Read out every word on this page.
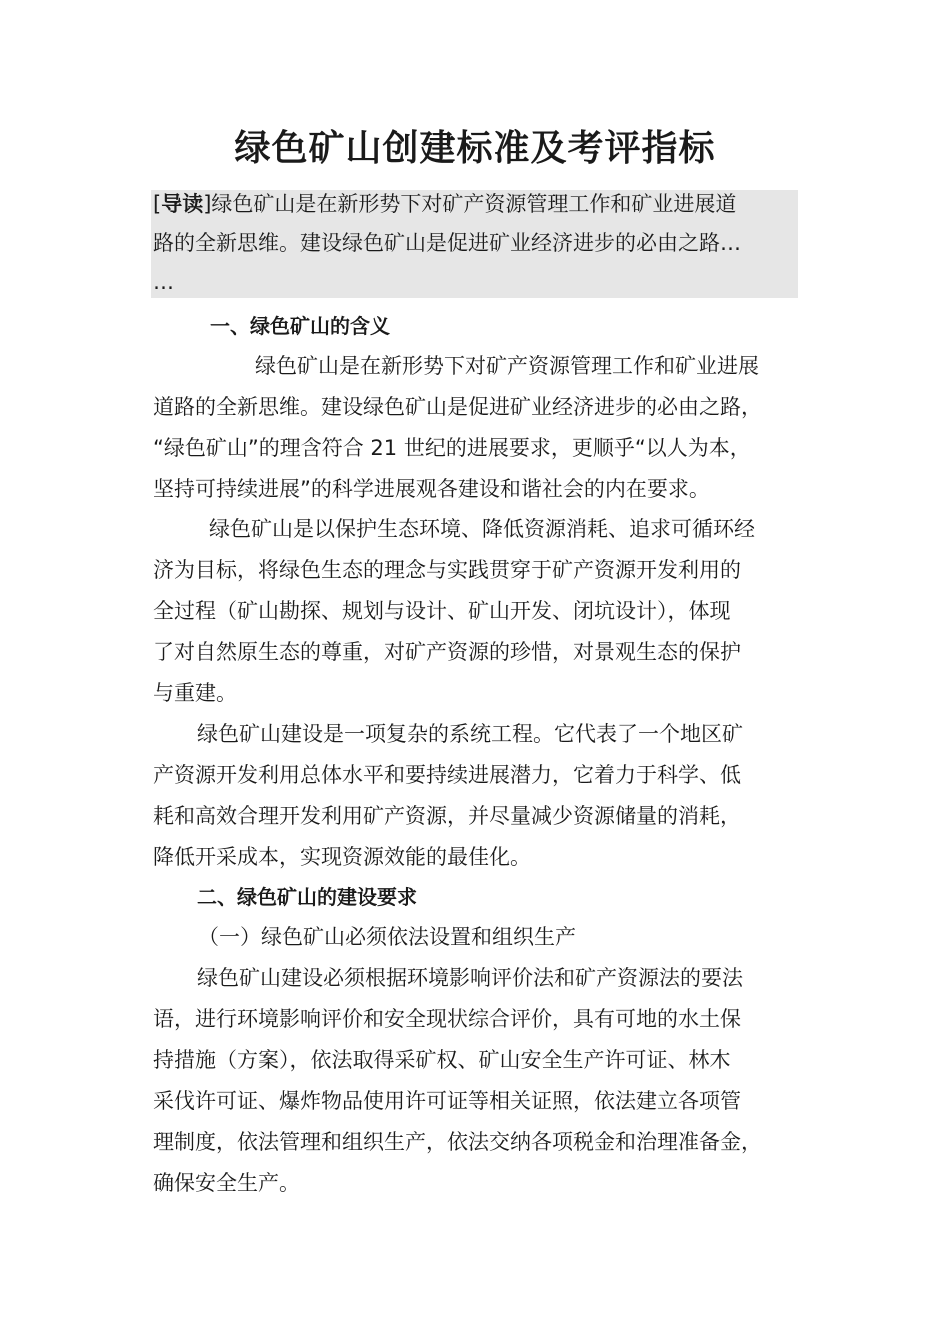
绿色矿山创建标准及考评指标
[导读]绿色矿山是在新形势下对矿产资源管理工作和矿业进展道
路的全新思维。建设绿色矿山是促进矿业经济进步的必由之路…
…
一、绿色矿山的含义
绿色矿山是在新形势下对矿产资源管理工作和矿业进展
道路的全新思维。建设绿色矿山是促进矿业经济进步的必由之路，
“绿色矿山”的理含符合 21 世纪的进展要求，更顺乎“以人为本，
坚持可持续进展”的科学进展观各建设和谐社会的内在要求。
绿色矿山是以保护生态环境、降低资源消耗、追求可循环经
济为目标，将绿色生态的理念与实践贯穿于矿产资源开发利用的
全过程（矿山勘探、规划与设计、矿山开发、闭坑设计），体现
了对自然原生态的尊重，对矿产资源的珍惜，对景观生态的保护
与重建。
绿色矿山建设是一项复杂的系统工程。它代表了一个地区矿
产资源开发利用总体水平和要持续进展潜力，它着力于科学、低
耗和高效合理开发利用矿产资源，并尽量减少资源储量的消耗，
降低开采成本，实现资源效能的最佳化。
二、绿色矿山的建设要求
（一）绿色矿山必须依法设置和组织生产
绿色矿山建设必须根据环境影响评价法和矿产资源法的要法
语，进行环境影响评价和安全现状综合评价，具有可地的水土保
持措施（方案），依法取得采矿权、矿山安全生产许可证、林木
采伐许可证、爆炸物品使用许可证等相关证照，依法建立各项管
理制度，依法管理和组织生产，依法交纳各项税金和治理准备金，
确保安全生产。
